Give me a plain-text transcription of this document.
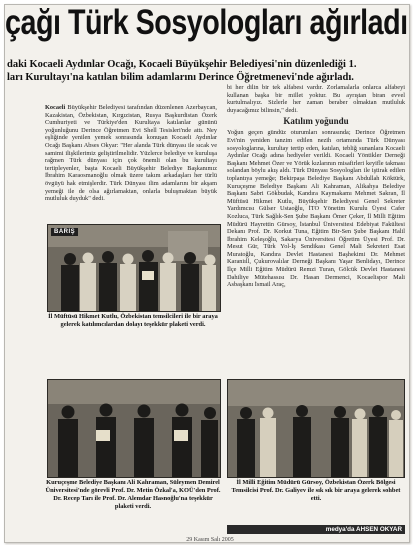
çağı Türk Sosyologları ağırladı
daki Kocaeli Aydınlar Ocağı, Kocaeli Büyükşehir Belediyesi'nin düzenlediği 1.
ları Kurultayı'na katılan bilim adamlarını Derince Öğretmenevi'nde ağırladı.

Kocaeli Büyükşehir Belediyesi tarafından düzenlenen Azerbaycan, Kazakistan, Özbekistan, Kırgızistan, Rusya Başkurdistan Özerk Cumhuriyeti ve Türkiye'den Kurultaya katılanlar gününü yoğunluğunu Derince Öğretmen Evi Shell Tesisleri'nde attı. Ney eşliğinde yenilen yemek sonrasında konuşan Kocaeli Aydınlar Ocağı Başkanı Abses Okyar: "Her alanda Türk dünyası ile sıcak ve samimi ilişkilerimiz geliştirilmelidir. Yüzlerce belediye ve kuruluşa rağmen Türk dünyası için çok önemli olan bu kurultayı tertipleyenler, başta Kocaeli Büyükşehir Belediye Başkanımız İbrahim Karaosmanoğlu olmak üzere takım arkadaşları her türlü övgüyü hak etmişlerdir. Türk Dünyası ilim adamlarını bir akşam yemeği ile de olsa ağırlamaktan, onlarla buluşmaktan büyük mutluluk duyduk" dedi.

bi her dilin bir tek alfabesi vardır. Zorlamalarla onlarca alfabeyi kullanan başka bir millet yoktur. Bu ayrıştan biran evvel kurtulmalıyız. Sizlerle her zaman beraber olmaktan mutluluk duyacağımız bilinsin," dedi.

Katılım yoğundu

Yoğun geçen gündüz oturumları sonrasında; Derince Öğretmen Evi'nin yeniden tanzim edilen nezih ortamında Türk Dünyası sosyologlarına, kurultay tertip eden, katılan, tebliğ sunanlara Kocaeli Aydınlar Ocağı adına hediyeler verildi. Kocaeli Yöntikler Derneği Başkanı Mehmet Özer ve Yörük kızlarının misafirleri keyifle takması solandan böylu akış aldı. Türk Dünyası Sosyologları ile iştirak edilen toplantıya yemeğe; Bekirpaşa Belediye Başkanı Abdullah Köktürk, Kuruçeşme Belediye Başkanı Ali Kahraman, Alikahya Belediye Başkanı Sabri Gökbudak, Kandıra Kaymakamı Mehmet Sakran, İl Müftüsü Hikmet Kutlu, Büyükşehir Belediyesi Genel Sekreter Yardımcısı Gülser Ustaoğlu, İTO Yönetim Kurulu Üyesi Cafer Kozluca, Türk Sağlık-Sen Şube Başkanı Ömer Çeker, İl Milli Eğitim Müdürü Hayrettin Gürsoy, İstanbul Üniversitesi Edebiyat Fakültesi Dekanı Prof. Dr. Korkut Tuna, Eğitim Bir-Sen Şube Başkanı Halil İbrahim Keleşoğlu, Sakarya Üniversitesi Öğretim Üyesi Prof. Dr. Mesut Gür, Türk Yol-İş Sendikası Genel Mali Sekreteri Esat Muratoğlu, Kandıra Devlet Hastanesi Başhekimi Dr. Mehmet Karaniıll, Çukurovalılar Derneği Başkanı Yaşar Benlidayı, Derince İlçe Milli Eğitim Müdürü Remzi Turan, Gölcük Devlet Hastanesi Dahiliye Mütehassısı Dr. Hasan Dermenci, Kocaelispor Mali Asbaşkanı İsmail Araç,

BARIŞ
İl Müftüsü Hikmet Kutlu, Özbekistan temsilcileri ile bir araya gelerek katılımcılardan dolayı teşekkür plaketi verdi.
Kuruçeşme Belediye Başkanı Ali Kahraman, Süleymen Demirel Üniversitesi'nde görevli Prof. Dr. Metin Özkal'a, KOÜ'den Prof. Dr. Recep Tarı ile Prof. Dr. Alemdar Hasnoğlu'na teşekkür plaketi verdi.
İl Milli Eğitim Müdürü Gürsoy, Özbekistan Özerk Bölgesi Temsilcisi Prof. Dr. Galiyev ile sık sık bir araya gelerek sohbet etti.
medya'da AHSEN OKYAR
29 Kasım Salı 2005
